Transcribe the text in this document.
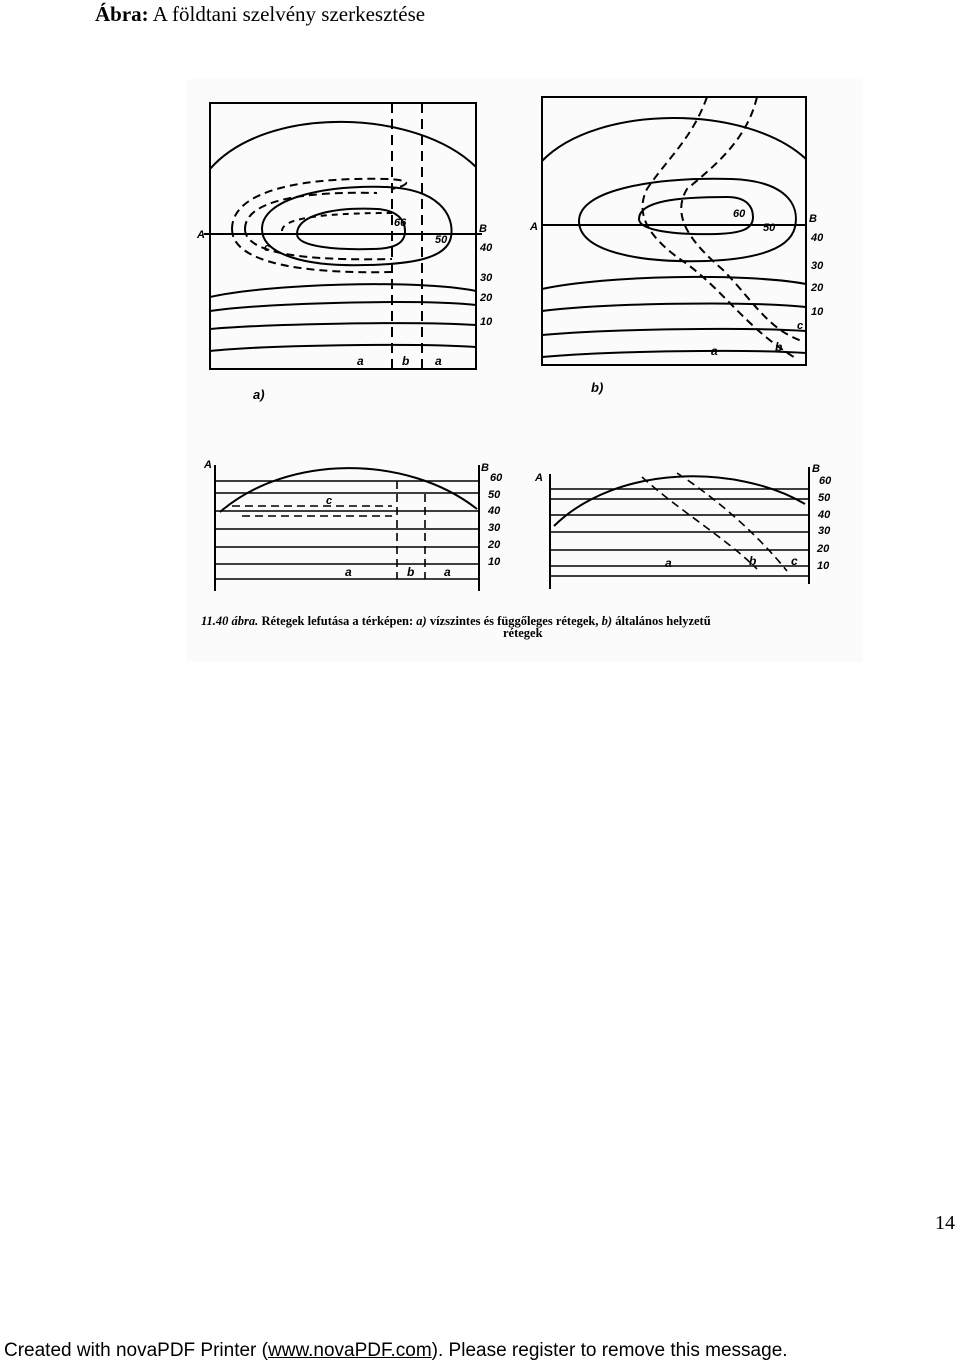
Ábra: A földtani szelvény szerkesztése
A	B
66
50
40
30
20
10
c
a	b a
a)
A
B
60
50
40
30
20
10
c
a	b
b)
A	B
60
50
40
30
20
10
c
a	b a
A
B
60
50
40
30
20
10
a	b	c
11.40 ábra. Rétegek lefutása a térképen: a) vízszintes és függőleges rétegek, b) általános helyzetű
rétegek
14
Created with novaPDF Printer (www.novaPDF.com). Please register to remove this message.
